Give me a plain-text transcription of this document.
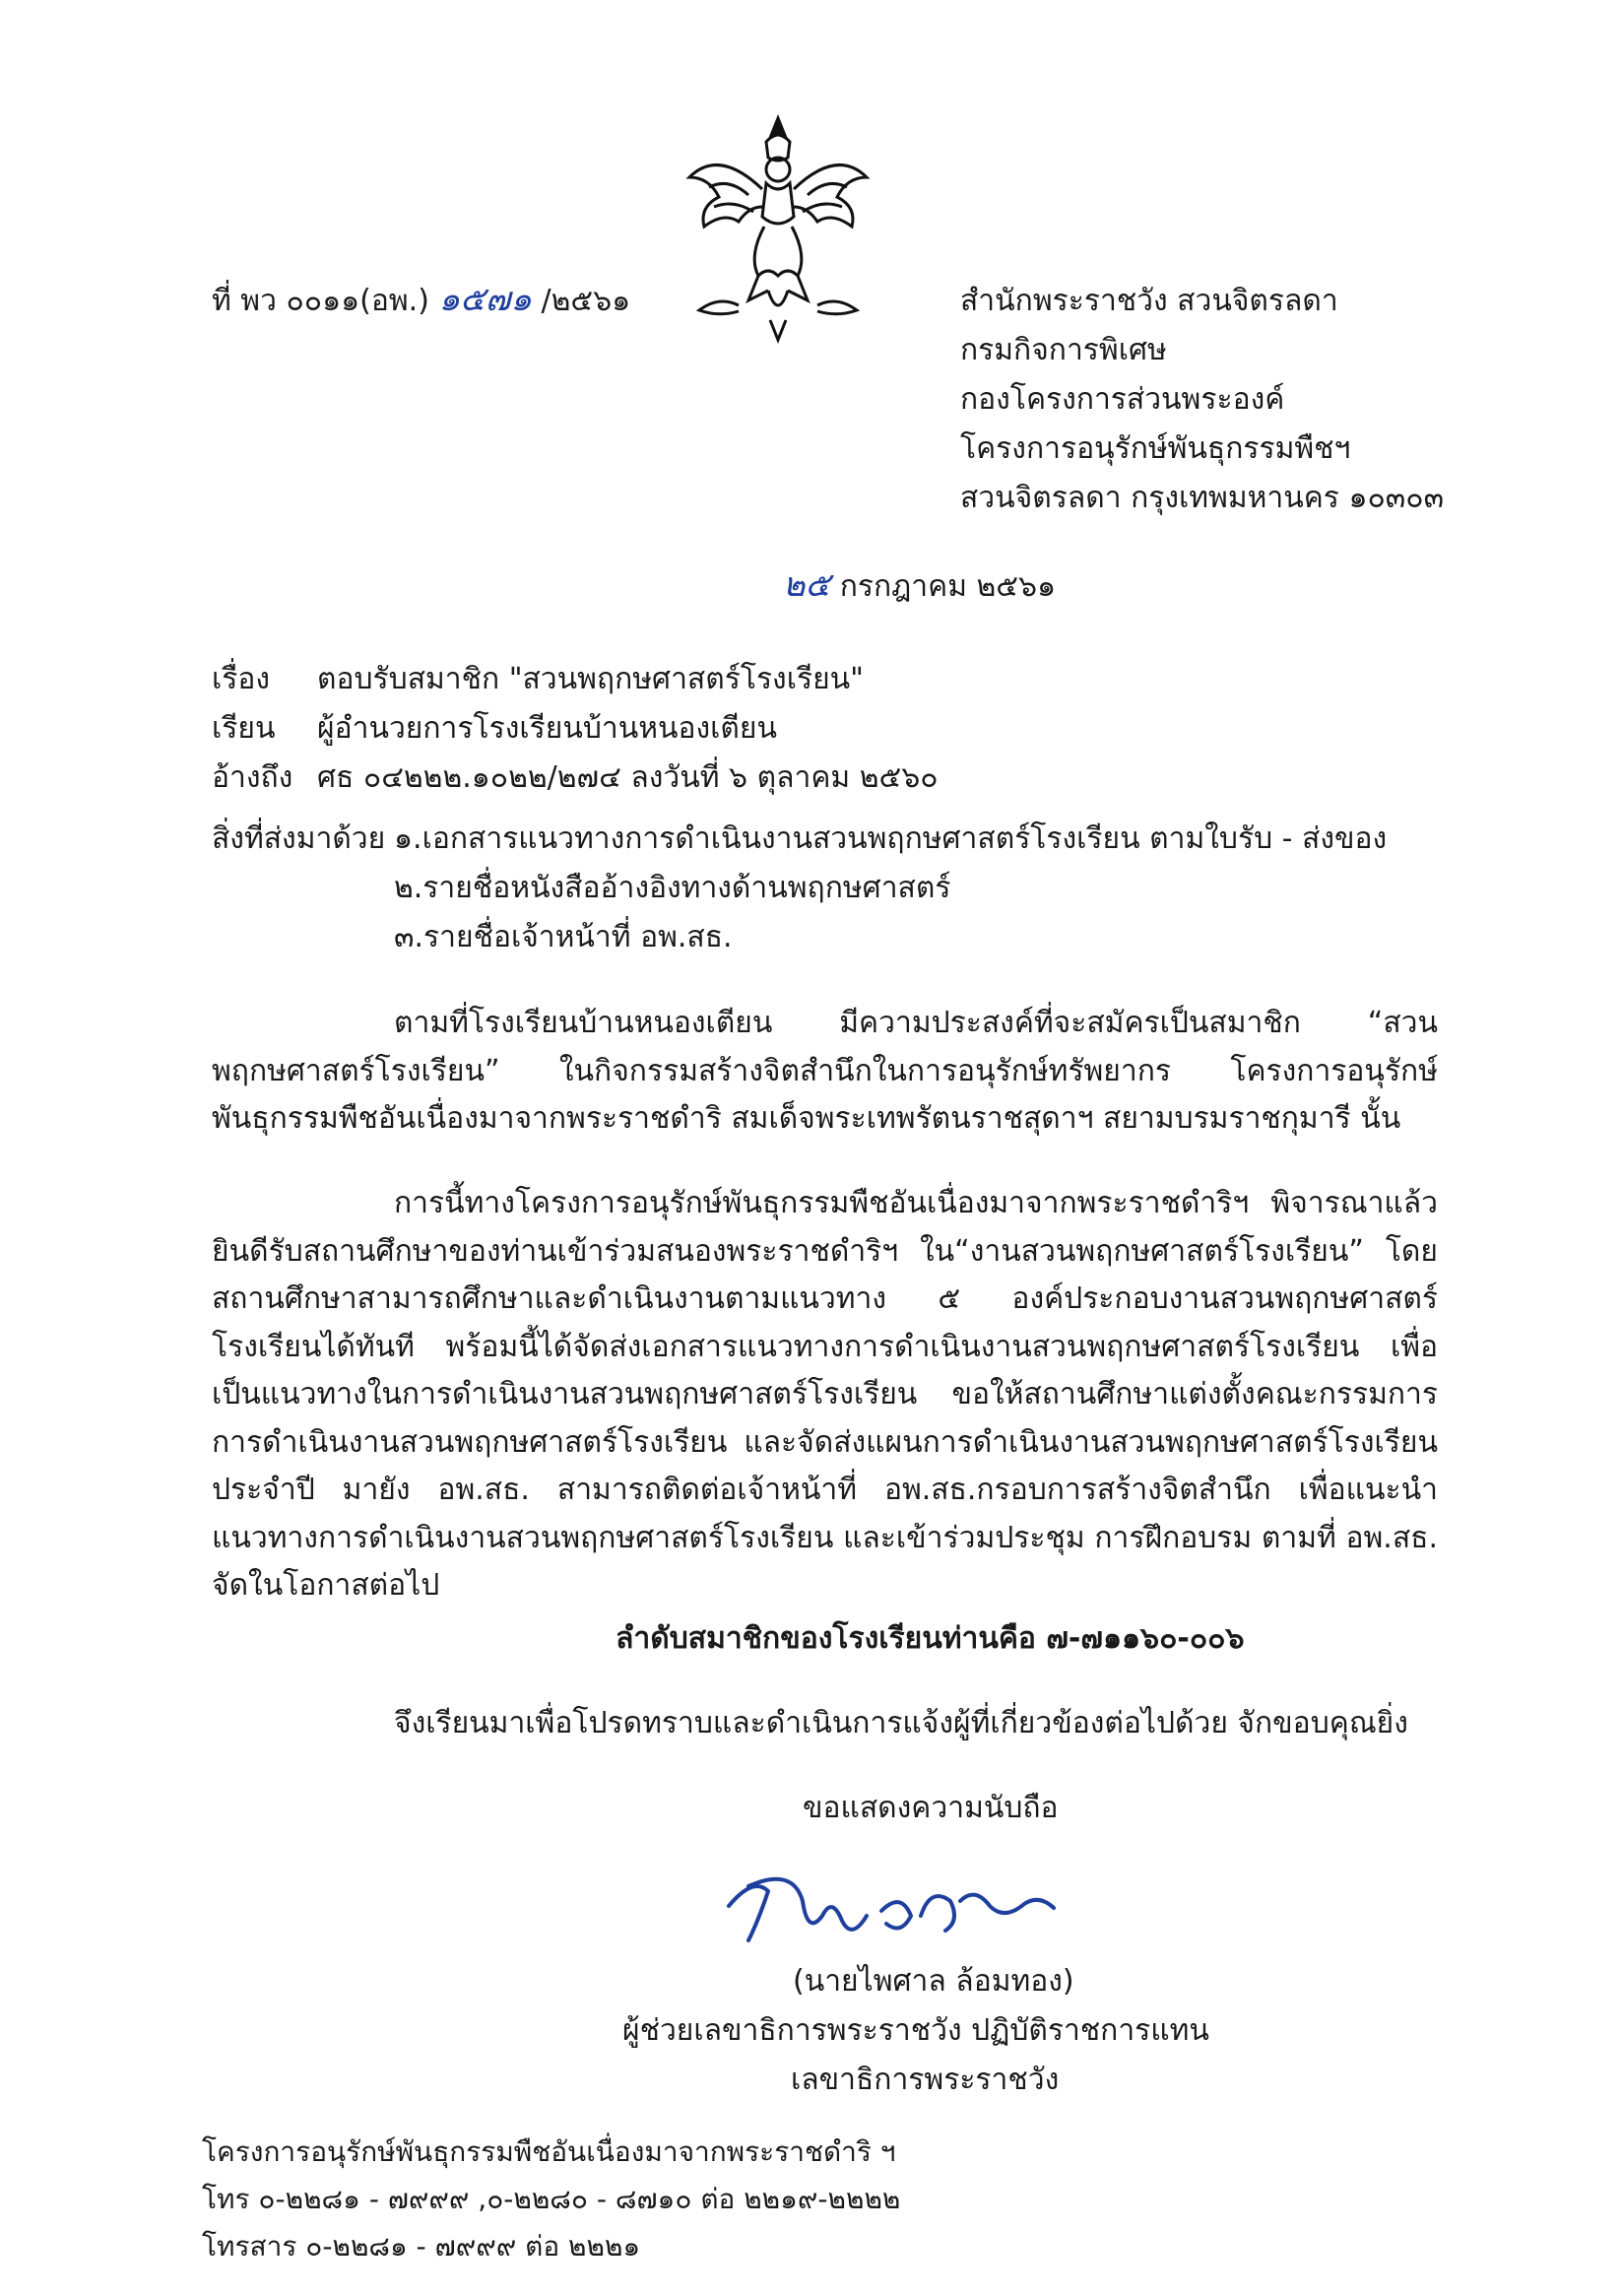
ที่ พว ๐๐๑๑(อพ.) ๑๕๗๑ /๒๕๖๑	สำนักพระราชวัง สวนจิตรลดา
กรมกิจการพิเศษ
กองโครงการส่วนพระองค์
โครงการอนุรักษ์พันธุกรรมพืชฯ
สวนจิตรลดา กรุงเทพมหานคร ๑๐๓๐๓
๒๕ กรกฎาคม ๒๕๖๑
เรื่อง ตอบรับสมาชิก "สวนพฤกษศาสตร์โรงเรียน"
เรียน ผู้อำนวยการโรงเรียนบ้านหนองเตียน
อ้างถึง ศธ ๐๔๒๒๒.๑๐๒๒/๒๗๔ ลงวันที่ ๖ ตุลาคม ๒๕๖๐
สิ่งที่ส่งมาด้วย ๑.เอกสารแนวทางการดำเนินงานสวนพฤกษศาสตร์โรงเรียน ตามใบรับ - ส่งของ
๒.รายชื่อหนังสืออ้างอิงทางด้านพฤกษศาสตร์
๓.รายชื่อเจ้าหน้าที่ อพ.สธ.
ตามที่โรงเรียนบ้านหนองเตียน มีความประสงค์ที่จะสมัครเป็นสมาชิก “สวนพฤกษศาสตร์โรงเรียน” ในกิจกรรมสร้างจิตสำนึกในการอนุรักษ์ทรัพยากร โครงการอนุรักษ์พันธุกรรมพืชอันเนื่องมาจากพระราชดำริ สมเด็จพระเทพรัตนราชสุดาฯ สยามบรมราชกุมารี นั้น
การนี้ทางโครงการอนุรักษ์พันธุกรรมพืชอันเนื่องมาจากพระราชดำริฯ พิจารณาแล้ว ยินดีรับสถานศึกษาของท่านเข้าร่วมสนองพระราชดำริฯ ใน“งานสวนพฤกษศาสตร์โรงเรียน” โดยสถานศึกษาสามารถศึกษาและดำเนินงานตามแนวทาง ๕ องค์ประกอบงานสวนพฤกษศาสตร์โรงเรียนได้ทันที พร้อมนี้ได้จัดส่งเอกสารแนวทางการดำเนินงานสวนพฤกษศาสตร์โรงเรียน เพื่อเป็นแนวทางในการดำเนินงานสวนพฤกษศาสตร์โรงเรียน ขอให้สถานศึกษาแต่งตั้งคณะกรรมการการดำเนินงานสวนพฤกษศาสตร์โรงเรียน และจัดส่งแผนการดำเนินงานสวนพฤกษศาสตร์โรงเรียนประจำปี มายัง อพ.สธ. สามารถติดต่อเจ้าหน้าที่ อพ.สธ.กรอบการสร้างจิตสำนึก เพื่อแนะนำแนวทางการดำเนินงานสวนพฤกษศาสตร์โรงเรียน และเข้าร่วมประชุม การฝึกอบรม ตามที่ อพ.สธ. จัดในโอกาสต่อไป
ลำดับสมาชิกของโรงเรียนท่านคือ ๗-๗๑๑๖๐-๐๐๖
จึงเรียนมาเพื่อโปรดทราบและดำเนินการแจ้งผู้ที่เกี่ยวข้องต่อไปด้วย จักขอบคุณยิ่ง
ขอแสดงความนับถือ
(นายไพศาล ล้อมทอง)
ผู้ช่วยเลขาธิการพระราชวัง ปฏิบัติราชการแทน
เลขาธิการพระราชวัง
โครงการอนุรักษ์พันธุกรรมพืชอันเนื่องมาจากพระราชดำริ ฯ
โทร ๐-๒๒๘๑ - ๗๙๙๙ ,๐-๒๒๘๐ - ๘๗๑๐ ต่อ ๒๒๑๙-๒๒๒๒
โทรสาร ๐-๒๒๘๑ - ๗๙๙๙ ต่อ ๒๒๒๑
